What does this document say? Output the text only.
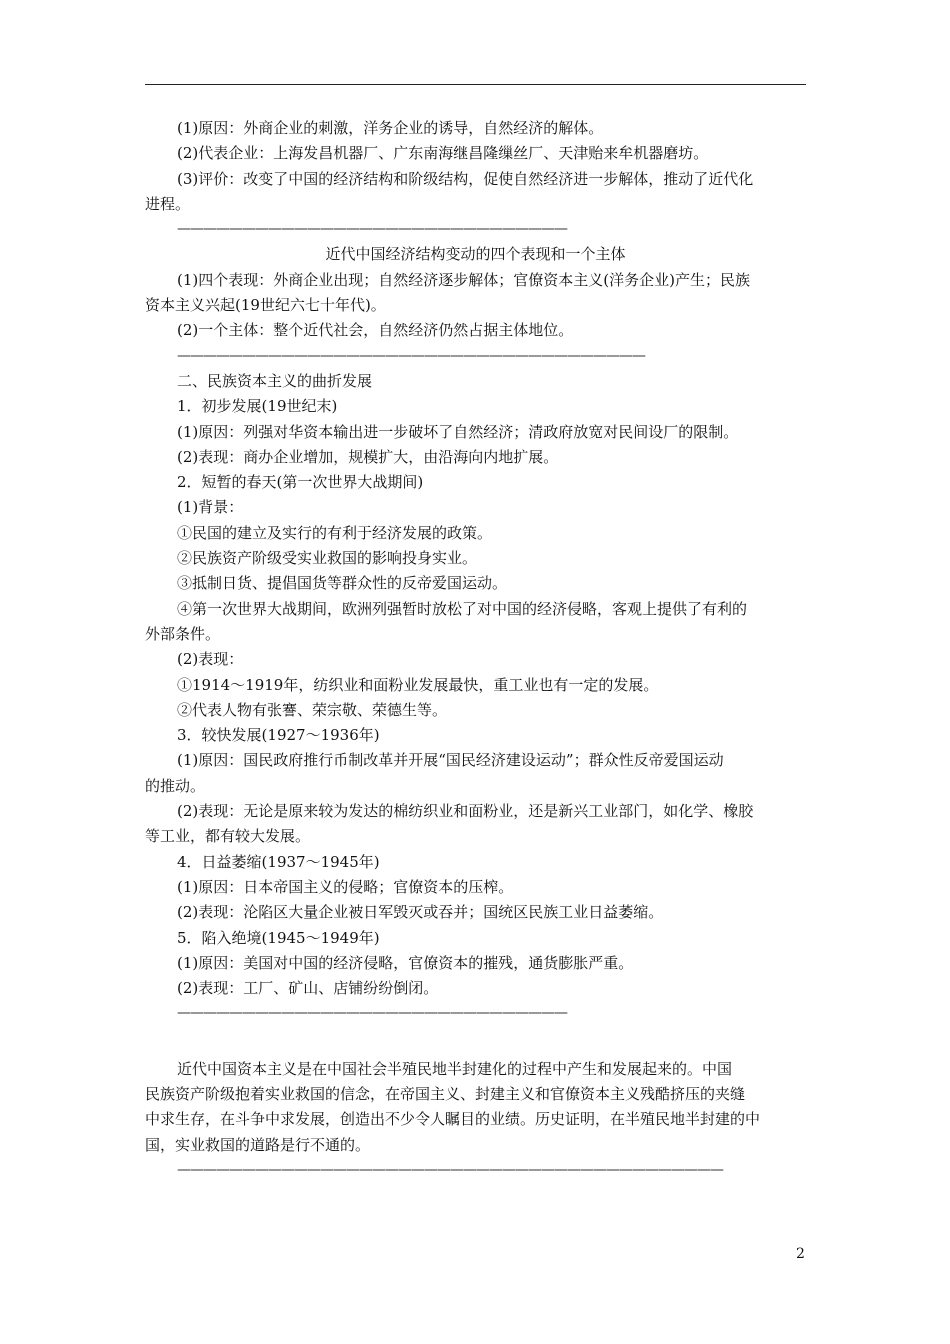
(1)原因：外商企业的刺激，洋务企业的诱导，自然经济的解体。
(2)代表企业：上海发昌机器厂、广东南海继昌隆缫丝厂、天津贻来牟机器磨坊。
(3)评价：改变了中国的经济结构和阶级结构，促使自然经济进一步解体，推动了近代化
进程。
——————————————————————————————
近代中国经济结构变动的四个表现和一个主体
(1)四个表现：外商企业出现；自然经济逐步解体；官僚资本主义(洋务企业)产生；民族
资本主义兴起(19世纪六七十年代)。
(2)一个主体：整个近代社会，自然经济仍然占据主体地位。
————————————————————————————————————
二、民族资本主义的曲折发展
1．初步发展(19世纪末)
(1)原因：列强对华资本输出进一步破坏了自然经济；清政府放宽对民间设厂的限制。
(2)表现：商办企业增加，规模扩大，由沿海向内地扩展。
2．短暂的春天(第一次世界大战期间)
(1)背景：
①民国的建立及实行的有利于经济发展的政策。
②民族资产阶级受实业救国的影响投身实业。
③抵制日货、提倡国货等群众性的反帝爱国运动。
④第一次世界大战期间，欧洲列强暂时放松了对中国的经济侵略，客观上提供了有利的
外部条件。
(2)表现：
①1914～1919年，纺织业和面粉业发展最快，重工业也有一定的发展。
②代表人物有张謇、荣宗敬、荣德生等。
3．较快发展(1927～1936年)
(1)原因：国民政府推行币制改革并开展“国民经济建设运动”；群众性反帝爱国运动
的推动。
(2)表现：无论是原来较为发达的棉纺织业和面粉业，还是新兴工业部门，如化学、橡胶
等工业，都有较大发展。
4．日益萎缩(1937～1945年)
(1)原因：日本帝国主义的侵略；官僚资本的压榨。
(2)表现：沦陷区大量企业被日军毁灭或吞并；国统区民族工业日益萎缩。
5．陷入绝境(1945～1949年)
(1)原因：美国对中国的经济侵略，官僚资本的摧残，通货膨胀严重。
(2)表现：工厂、矿山、店铺纷纷倒闭。
——————————————————————————————
近代中国资本主义是在中国社会半殖民地半封建化的过程中产生和发展起来的。中国
民族资产阶级抱着实业救国的信念，在帝国主义、封建主义和官僚资本主义残酷挤压的夹缝
中求生存，在斗争中求发展，创造出不少令人瞩目的业绩。历史证明，在半殖民地半封建的中
国，实业救国的道路是行不通的。
——————————————————————————————————————————
2
